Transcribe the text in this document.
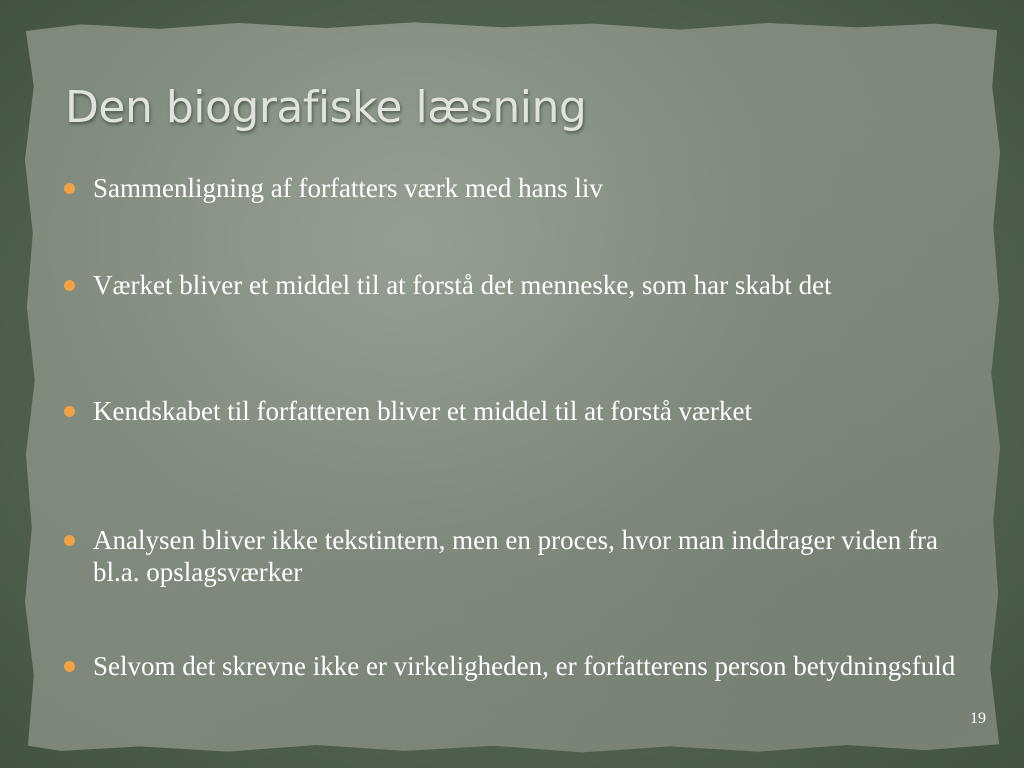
Den biografiske læsning
Sammenligning af forfatters værk med hans liv
Værket bliver et middel til at forstå det menneske, som har skabt det
Kendskabet til forfatteren bliver et middel til at forstå værket
Analysen bliver ikke tekstintern, men en proces, hvor man inddrager viden fra bl.a. opslagsværker
Selvom det skrevne ikke er virkeligheden, er forfatterens person betydningsfuld
19
